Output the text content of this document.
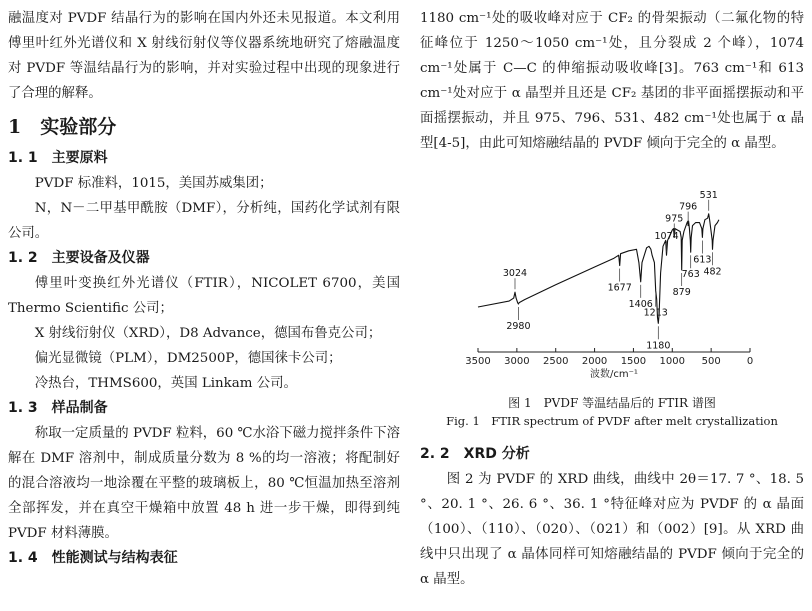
融温度对 PVDF 结晶行为的影响在国内外还未见报道。本文利用傅里叶红外光谱仪和 X 射线衍射仪等仪器系统地研究了熔融温度对 PVDF 等温结晶行为的影响，并对实验过程中出现的现象进行了合理的解释。

1　实验部分
1. 1　主要原料

PVDF 标准料，1015，美国苏威集团；

N，N－二甲基甲酰胺（DMF），分析纯，国药化学试剂有限公司。

1. 2　主要设备及仪器

傅里叶变换红外光谱仪（FTIR），NICOLET 6700，美国 Thermo Scientific 公司；

X 射线衍射仪（XRD），D8 Advance，德国布鲁克公司；

偏光显微镜（PLM），DM2500P，德国徕卡公司；

冷热台，THMS600，英国 Linkam 公司。

1. 3　样品制备

称取一定质量的 PVDF 粒料，60 ℃水浴下磁力搅拌条件下溶解在 DMF 溶剂中，制成质量分数为 8 %的均一溶液；将配制好的混合溶液均一地涂覆在平整的玻璃板上，80 ℃恒温加热至溶剂全部挥发，并在真空干燥箱中放置 48 h 进一步干燥，即得到纯 PVDF 材料薄膜。

1. 4　性能测试与结构表征

1180 cm⁻¹处的吸收峰对应于 CF₂ 的骨架振动（二氟化物的特征峰位于 1250～1050 cm⁻¹处，且分裂成 2 个峰），1074 cm⁻¹处属于 C—C 的伸缩振动吸收峰[3]。763 cm⁻¹和 613 cm⁻¹处对应于 α 晶型并且还是 CF₂ 基团的非平面摇摆振动和平面摇摆振动，并且 975、796、531、482 cm⁻¹处也属于 α 晶型[4-5]，由此可知熔融结晶的 PVDF 倾向于完全的 α 晶型。

3500 3000 2500 2000 1500 1000 500	0
波数/cm⁻¹
3024
2980
1677
1406
1213
1180
1074
975
879
796
763
613
531
482

图 1　PVDF 等温结晶后的 FTIR 谱图

Fig. 1　FTIR spectrum of PVDF after melt crystallization

2. 2　XRD 分析

图 2 为 PVDF 的 XRD 曲线，曲线中 2θ＝17. 7 °、18. 5 °、20. 1 °、26. 6 °、36. 1 °特征峰对应为 PVDF 的 α 晶面（100）、（110）、（020）、（021）和（002）[9]。从 XRD 曲线中只出现了 α 晶体同样可知熔融结晶的 PVDF 倾向于完全的 α 晶型。
